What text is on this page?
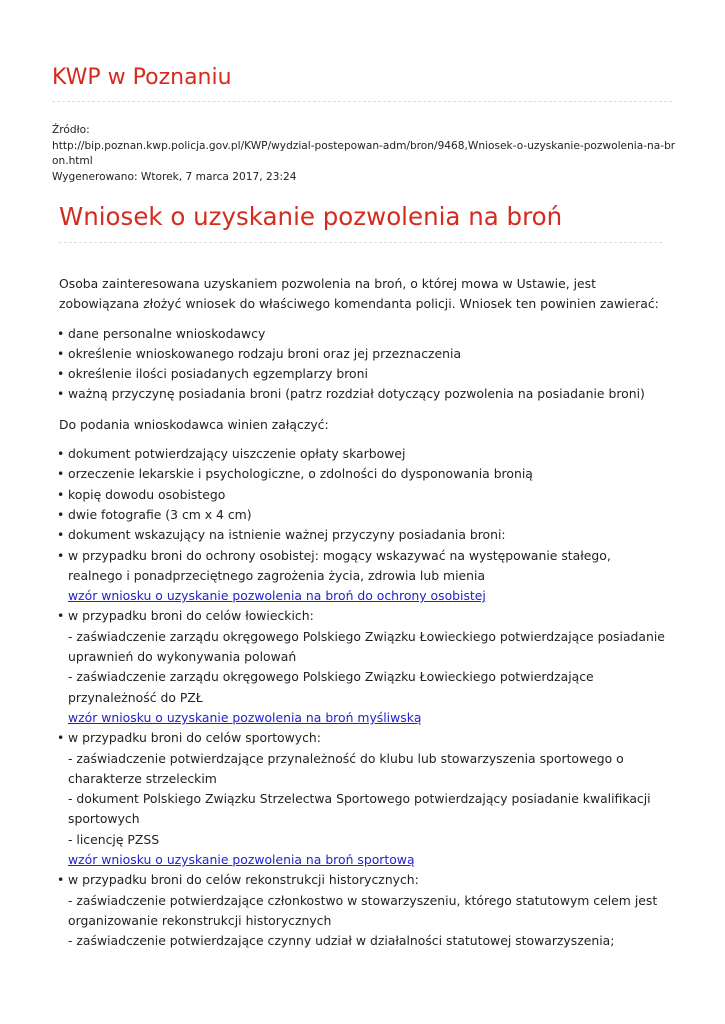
KWP w Poznaniu
Źródło:
http://bip.poznan.kwp.policja.gov.pl/KWP/wydzial-postepowan-adm/bron/9468,Wniosek-o-uzyskanie-pozwolenia-na-bron.html
Wygenerowano: Wtorek, 7 marca 2017, 23:24
Wniosek o uzyskanie pozwolenia na broń

Osoba zainteresowana uzyskaniem pozwolenia na broń, o której mowa w Ustawie, jest zobowiązana złożyć wniosek do właściwego komendanta policji. Wniosek ten powinien zawierać:

• dane personalne wnioskodawcy
• określenie wnioskowanego rodzaju broni oraz jej przeznaczenia
• określenie ilości posiadanych egzemplarzy broni
• ważną przyczynę posiadania broni (patrz rozdział dotyczący pozwolenia na posiadanie broni)

Do podania wnioskodawca winien załączyć:

• dokument potwierdzający uiszczenie opłaty skarbowej
• orzeczenie lekarskie i psychologiczne, o zdolności do dysponowania bronią
• kopię dowodu osobistego
• dwie fotografie (3 cm x 4 cm)
• dokument wskazujący na istnienie ważnej przyczyny posiadania broni:
• w przypadku broni do ochrony osobistej: mogący wskazywać na występowanie stałego, realnego i ponadprzeciętnego zagrożenia życia, zdrowia lub mienia
wzór wniosku o uzyskanie pozwolenia na broń do ochrony osobistej
• w przypadku broni do celów łowieckich:
- zaświadczenie zarządu okręgowego Polskiego Związku Łowieckiego potwierdzające posiadanie uprawnień do wykonywania polowań
- zaświadczenie zarządu okręgowego Polskiego Związku Łowieckiego potwierdzające przynależność do PZŁ
wzór wniosku o uzyskanie pozwolenia na broń myśliwską
• w przypadku broni do celów sportowych:
- zaświadczenie potwierdzające przynależność do klubu lub stowarzyszenia sportowego o charakterze strzeleckim
- dokument Polskiego Związku Strzelectwa Sportowego potwierdzający posiadanie kwalifikacji sportowych
- licencję PZSS
wzór wniosku o uzyskanie pozwolenia na broń sportową
• w przypadku broni do celów rekonstrukcji historycznych:
- zaświadczenie potwierdzające członkostwo w stowarzyszeniu, którego statutowym celem jest organizowanie rekonstrukcji historycznych
- zaświadczenie potwierdzające czynny udział w działalności statutowej stowarzyszenia;
